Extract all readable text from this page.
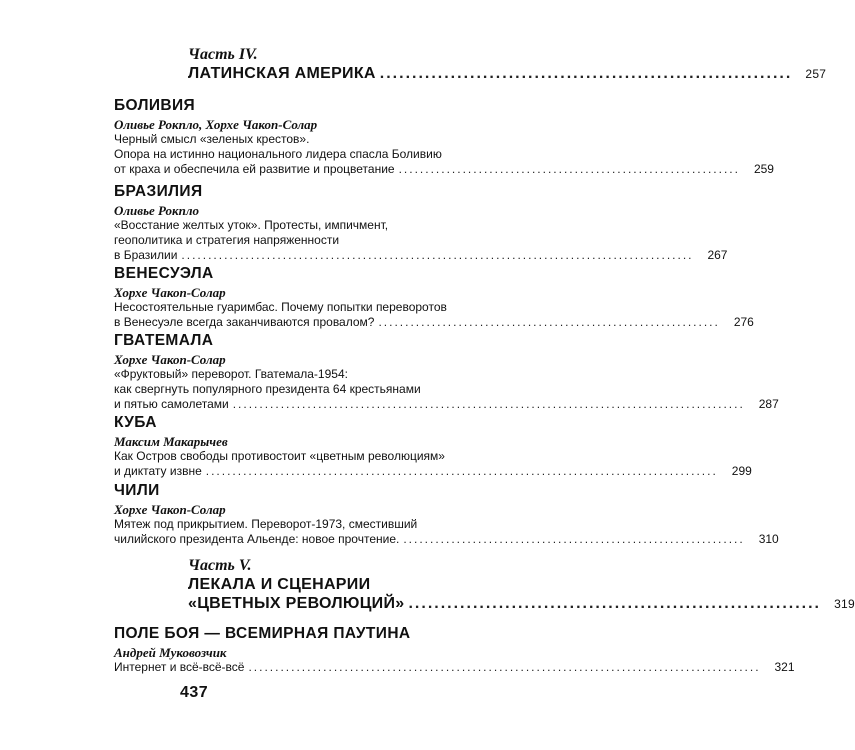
Часть IV.
ЛАТИНСКАЯ АМЕРИКА ................................................................	257
БОЛИВИЯ
Оливье Рокпло, Хорхе Чакоп-Солар
Черный смысл «зеленых крестов».
Опора на истинно национального лидера спасла Боливию
от краха и обеспечила ей развитие и процветание ................................................................	259
БРАЗИЛИЯ
Оливье Рокпло
«Восстание желтых уток». Протесты, импичмент,
геополитика и стратегия напряженности
в Бразилии ................................................................................................	267
ВЕНЕСУЭЛА
Хорхе Чакоп-Солар
Несостоятельные гуаримбас. Почему попытки переворотов
в Венесуэле всегда заканчиваются провалом? ................................................................	276
ГВАТЕМАЛА
Хорхе Чакоп-Солар
«Фруктовый» переворот. Гватемала-1954:
как свергнуть популярного президента 64 крестьянами
и пятью самолетами ................................................................................................	287
КУБА
Максим Макарычев
Как Остров свободы противостоит «цветным революциям»
и диктату извне ................................................................................................	299
ЧИЛИ
Хорхе Чакоп-Солар
Мятеж под прикрытием. Переворот-1973, сместивший
чилийского президента Альенде: новое прочтение. ................................................................	310
Часть V.
ЛЕКАЛА И СЦЕНАРИИ
«ЦВЕТНЫХ РЕВОЛЮЦИЙ» ................................................................	319
ПОЛЕ БОЯ — ВСЕМИРНАЯ ПАУТИНА
Андрей Муковозчик
Интернет и всё-всё-всё ................................................................................................	321
437
